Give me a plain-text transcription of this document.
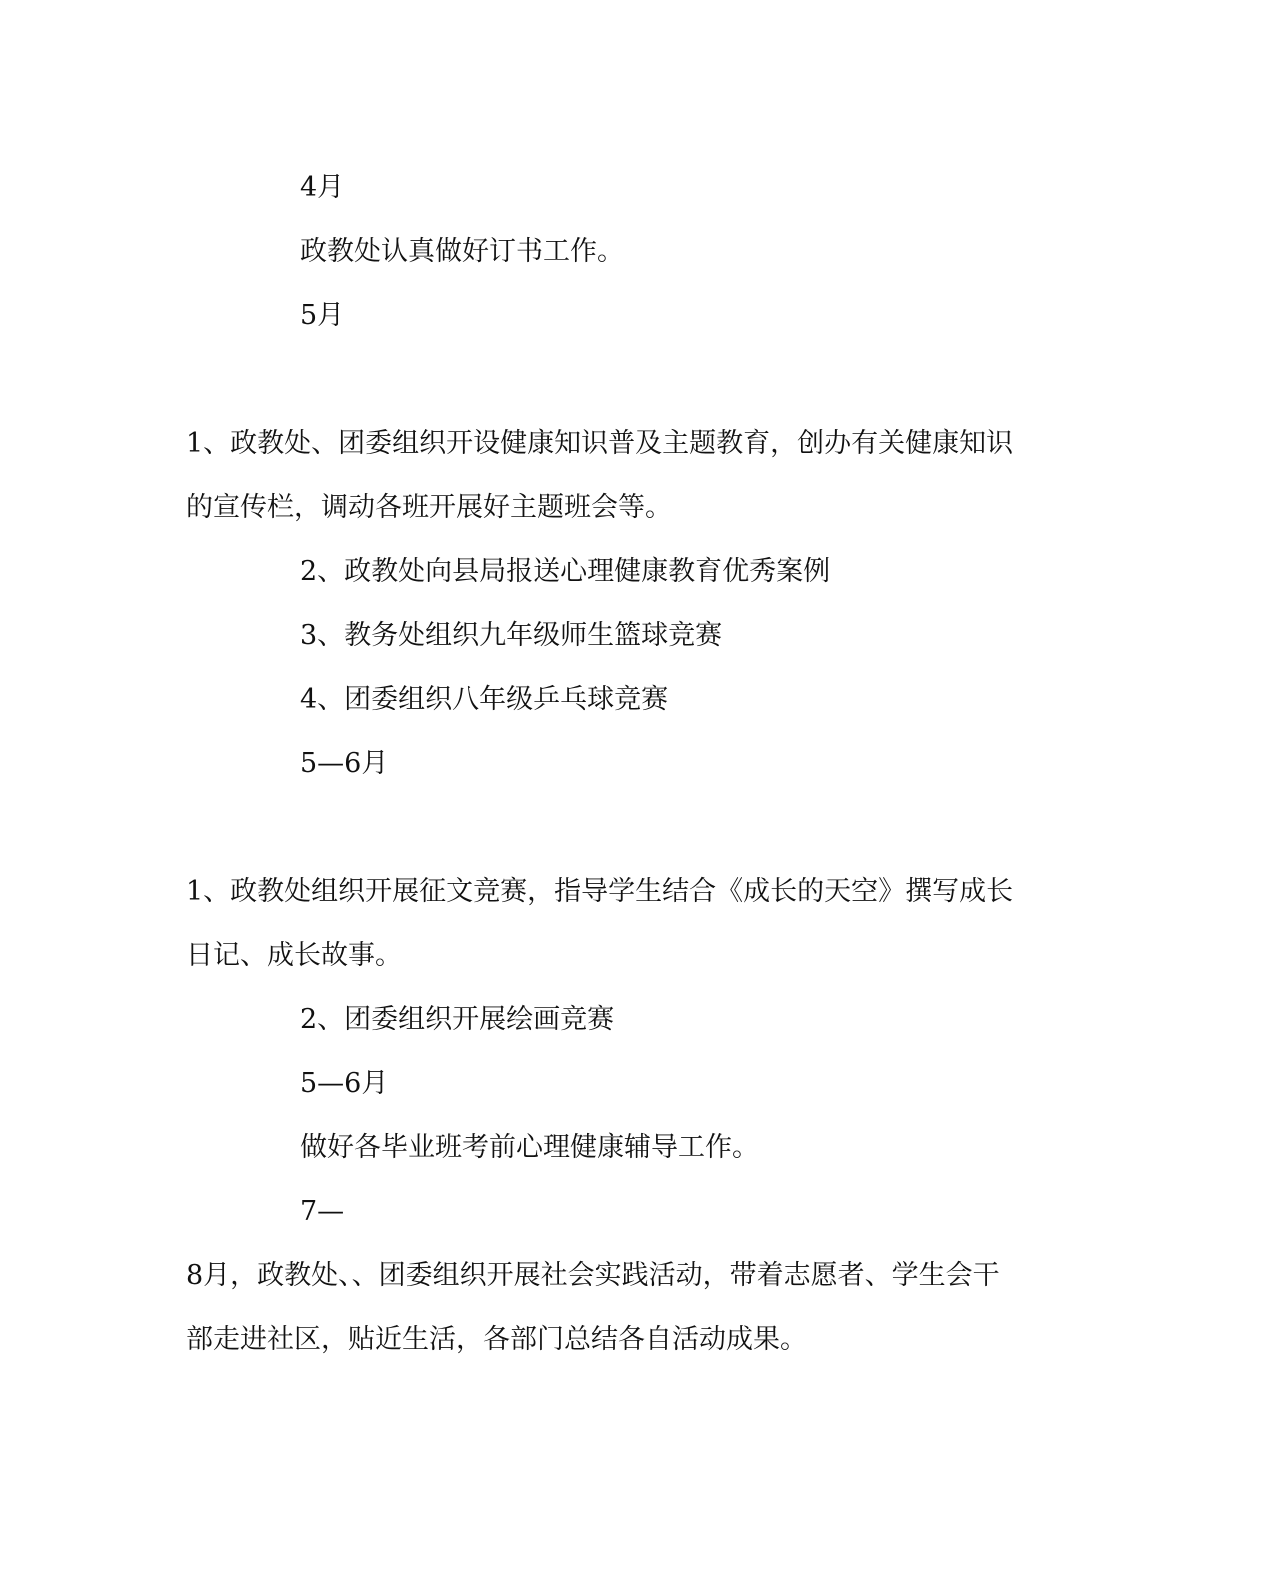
4月
政教处认真做好订书工作。
5月
1、政教处、团委组织开设健康知识普及主题教育，创办有关健康知识
的宣传栏，调动各班开展好主题班会等。
2、政教处向县局报送心理健康教育优秀案例
3、教务处组织九年级师生篮球竞赛
4、团委组织八年级乒乓球竞赛
5—6月
1、政教处组织开展征文竞赛，指导学生结合《成长的天空》撰写成长
日记、成长故事。
2、团委组织开展绘画竞赛
5—6月
做好各毕业班考前心理健康辅导工作。
7—
8月，政教处、、团委组织开展社会实践活动，带着志愿者、学生会干
部走进社区，贴近生活，各部门总结各自活动成果。
